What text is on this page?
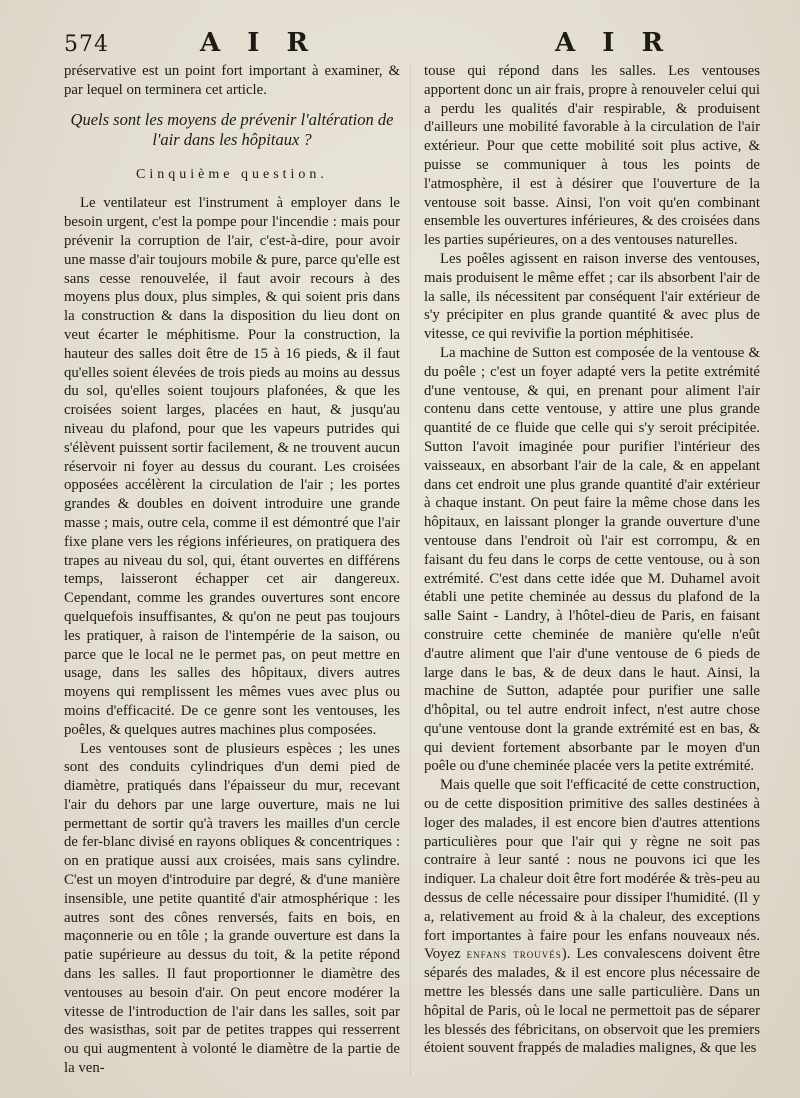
574	A I R	A I R

préservative est un point fort important à examiner, & par lequel on terminera cet article.

Quels sont les moyens de prévenir l'altération de l'air dans les hôpitaux ?
Cinquième question.

Le ventilateur est l'instrument à employer dans le besoin urgent, c'est la pompe pour l'incendie : mais pour prévenir la corruption de l'air, c'est-à-dire, pour avoir une masse d'air toujours mobile & pure, parce qu'elle est sans cesse renouvelée, il faut avoir recours à des moyens plus doux, plus simples, & qui soient pris dans la construction & dans la disposition du lieu dont on veut écarter le méphitisme. Pour la construction, la hauteur des salles doit être de 15 à 16 pieds, & il faut qu'elles soient élevées de trois pieds au moins au dessus du sol, qu'elles soient toujours plafonées, & que les croisées soient larges, placées en haut, & jusqu'au niveau du plafond, pour que les vapeurs putrides qui s'élèvent puissent sortir facilement, & ne trouvent aucun réservoir ni foyer au dessus du courant. Les croisées opposées accélèrent la circulation de l'air ; les portes grandes & doubles en doivent introduire une grande masse ; mais, outre cela, comme il est démontré que l'air fixe plane vers les régions inférieures, on pratiquera des trapes au niveau du sol, qui, étant ouvertes en différens temps, laisseront échapper cet air dangereux. Cependant, comme les grandes ouvertures sont encore quelquefois insuffisantes, & qu'on ne peut pas toujours les pratiquer, à raison de l'intempérie de la saison, ou parce que le local ne le permet pas, on peut mettre en usage, dans les salles des hôpitaux, divers autres moyens qui remplissent les mêmes vues avec plus ou moins d'efficacité. De ce genre sont les ventouses, les poêles, & quelques autres machines plus composées.

Les ventouses sont de plusieurs espèces ; les unes sont des conduits cylindriques d'un demi pied de diamètre, pratiqués dans l'épaisseur du mur, recevant l'air du dehors par une large ouverture, mais ne lui permettant de sortir qu'à travers les mailles d'un cercle de fer-blanc divisé en rayons obliques & concentriques : on en pratique aussi aux croisées, mais sans cylindre. C'est un moyen d'introduire par degré, & d'une manière insensible, une petite quantité d'air atmosphérique : les autres sont des cônes renversés, faits en bois, en maçonnerie ou en tôle ; la grande ouverture est dans la patie supérieure au dessus du toit, & la petite répond dans les salles. Il faut proportionner le diamètre des ventouses au besoin d'air. On peut encore modérer la vitesse de l'introduction de l'air dans les salles, soit par des wasisthas, soit par de petites trappes qui resserrent ou qui augmentent à volonté le diamètre de la partie de la ven-

touse qui répond dans les salles. Les ventouses apportent donc un air frais, propre à renouveler celui qui a perdu les qualités d'air respirable, & produisent d'ailleurs une mobilité favorable à la circulation de l'air extérieur. Pour que cette mobilité soit plus active, & puisse se communiquer à tous les points de l'atmosphère, il est à désirer que l'ouverture de la ventouse soit basse. Ainsi, l'on voit qu'en combinant ensemble les ouvertures inférieures, & des croisées dans les parties supérieures, on a des ventouses naturelles.

Les poêles agissent en raison inverse des ventouses, mais produisent le même effet ; car ils absorbent l'air de la salle, ils nécessitent par conséquent l'air extérieur de s'y précipiter en plus grande quantité & avec plus de vitesse, ce qui revivifie la portion méphitisée.

La machine de Sutton est composée de la ventouse & du poêle ; c'est un foyer adapté vers la petite extrémité d'une ventouse, & qui, en prenant pour aliment l'air contenu dans cette ventouse, y attire une plus grande quantité de ce fluide que celle qui s'y seroit précipitée. Sutton l'avoit imaginée pour purifier l'intérieur des vaisseaux, en absorbant l'air de la cale, & en appelant dans cet endroit une plus grande quantité d'air extérieur à chaque instant. On peut faire la même chose dans les hôpitaux, en laissant plonger la grande ouverture d'une ventouse dans l'endroit où l'air est corrompu, & en faisant du feu dans le corps de cette ventouse, ou à son extrémité. C'est dans cette idée que M. Duhamel avoit établi une petite cheminée au dessus du plafond de la salle Saint - Landry, à l'hôtel-dieu de Paris, en faisant construire cette cheminée de manière qu'elle n'eût d'autre aliment que l'air d'une ventouse de 6 pieds de large dans le bas, & de deux dans le haut. Ainsi, la machine de Sutton, adaptée pour purifier une salle d'hôpital, ou tel autre endroit infect, n'est autre chose qu'une ventouse dont la grande extrémité est en bas, & qui devient fortement absorbante par le moyen d'un poêle ou d'une cheminée placée vers la petite extrémité.

Mais quelle que soit l'efficacité de cette construction, ou de cette disposition primitive des salles destinées à loger des malades, il est encore bien d'autres attentions particulières pour que l'air qui y règne ne soit pas contraire à leur santé : nous ne pouvons ici que les indiquer. La chaleur doit être fort modérée & très-peu au dessus de celle nécessaire pour dissiper l'humidité. (Il y a, relativement au froid & à la chaleur, des exceptions fort importantes à faire pour les enfans nouveaux nés. Voyez enfans trouvés). Les convalescens doivent être séparés des malades, & il est encore plus nécessaire de mettre les blessés dans une salle particulière. Dans un hôpital de Paris, où le local ne permettoit pas de séparer les blessés des fébricitans, on observoit que les premiers étoient souvent frappés de maladies malignes, & que les
